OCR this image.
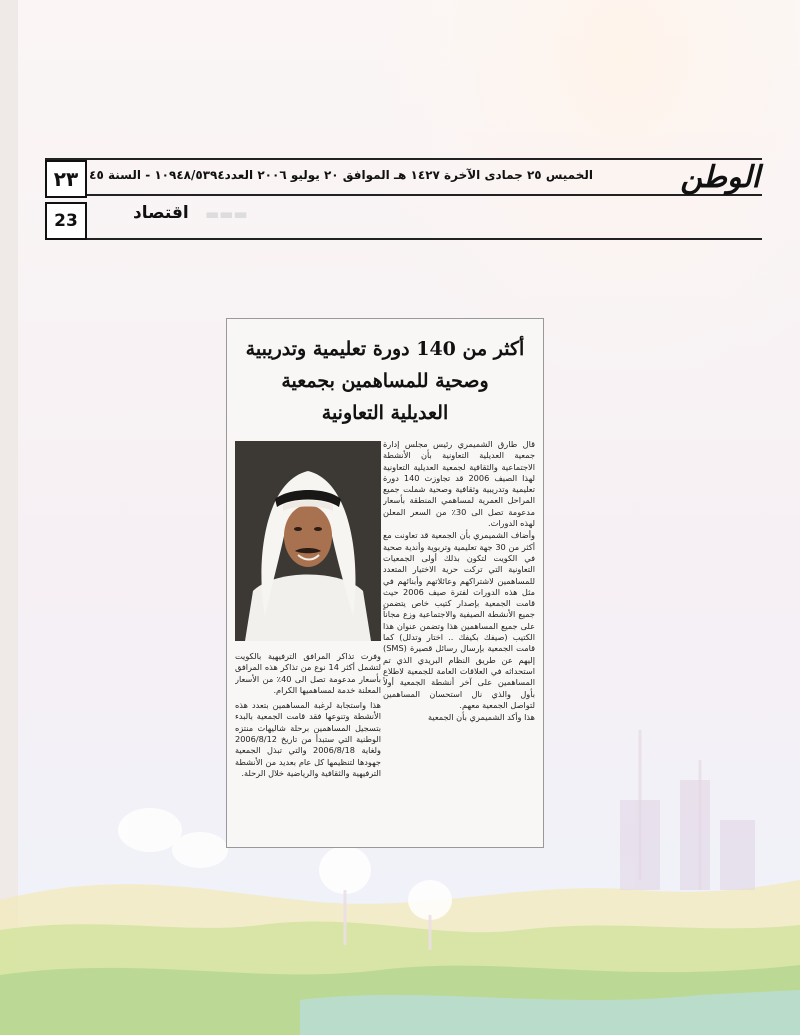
٢٣
23
الخميس ٢٥ جمادى الآخرة ١٤٢٧ هـ الموافق ٢٠ يوليو ٢٠٠٦ العدد١٠٩٤٨/٥٣٩٤ - السنة ٤٥	الوطن
▬▬▬
اقتصاد
أكثر من 140 دورة تعليمية وتدريبية
وصحية للمساهمين بجمعية
العديلية التعاونية

قال طارق الشميمري رئيس مجلس إدارة جمعية العديلية التعاونية بأن الأنشطة الاجتماعية والثقافية لجمعية العديلية التعاونية لهذا الصيف 2006 قد تجاوزت 140 دورة تعليمية وتدريبية وثقافية وصحية شملت جميع المراحل العمرية لمساهمي المنطقة بأسعار مدعومة تصل الى 30٪ من السعر المعلن لهذه الدورات.

وأضاف الشميمري بأن الجمعية قد تعاونت مع أكثر من 30 جهة تعليمية وتربوية وأندية صحية في الكويت لتكون بذلك أولى الجمعيات التعاونية التي تركت حرية الاختيار المتعدد للمساهمين لاشتراكهم وعائلاتهم وأبنائهم في مثل هذه الدورات لفترة صيف 2006 حيث قامت الجمعية بإصدار كتيب خاص يتضمن جميع الأنشطة الصيفية والاجتماعية وزع مجاناً على جميع المساهمين هذا وتضمن عنوان هذا الكتيب (صيفك بكيفك .. اختار وتدلل) كما قامت الجمعية بإرسال رسائل قصيرة (SMS) إليهم عن طريق النظام البريدي الذي تم استحداثه في العلاقات العامة للجمعية لاطلاع المساهمين على آخر أنشطة الجمعية أولاً بأول والذي نال استحسان المساهمين لتواصل الجمعية معهم.

هذا وأكد الشميمري بأن الجمعية

وفرت تذاكر المرافق الترفيهية بالكويت لتشمل أكثر 14 نوع من تذاكر هذه المرافق بأسعار مدعومة تصل الى 40٪ من الأسعار المعلنة خدمة لمساهميها الكرام.

هذا واستجابة لرغبة المساهمين بتعدد هذه الأنشطة وتنوعها فقد قامت الجمعية بالبدء بتسجيل المساهمين برحلة شاليهات منتزه الوطنية التي ستبدأ من تاريخ 2006/8/12 ولغاية 2006/8/18 والتي تبذل الجمعية جهودها لتنظيمها كل عام بعديد من الأنشطة الترفيهية والثقافية والرياضية خلال الرحلة.
